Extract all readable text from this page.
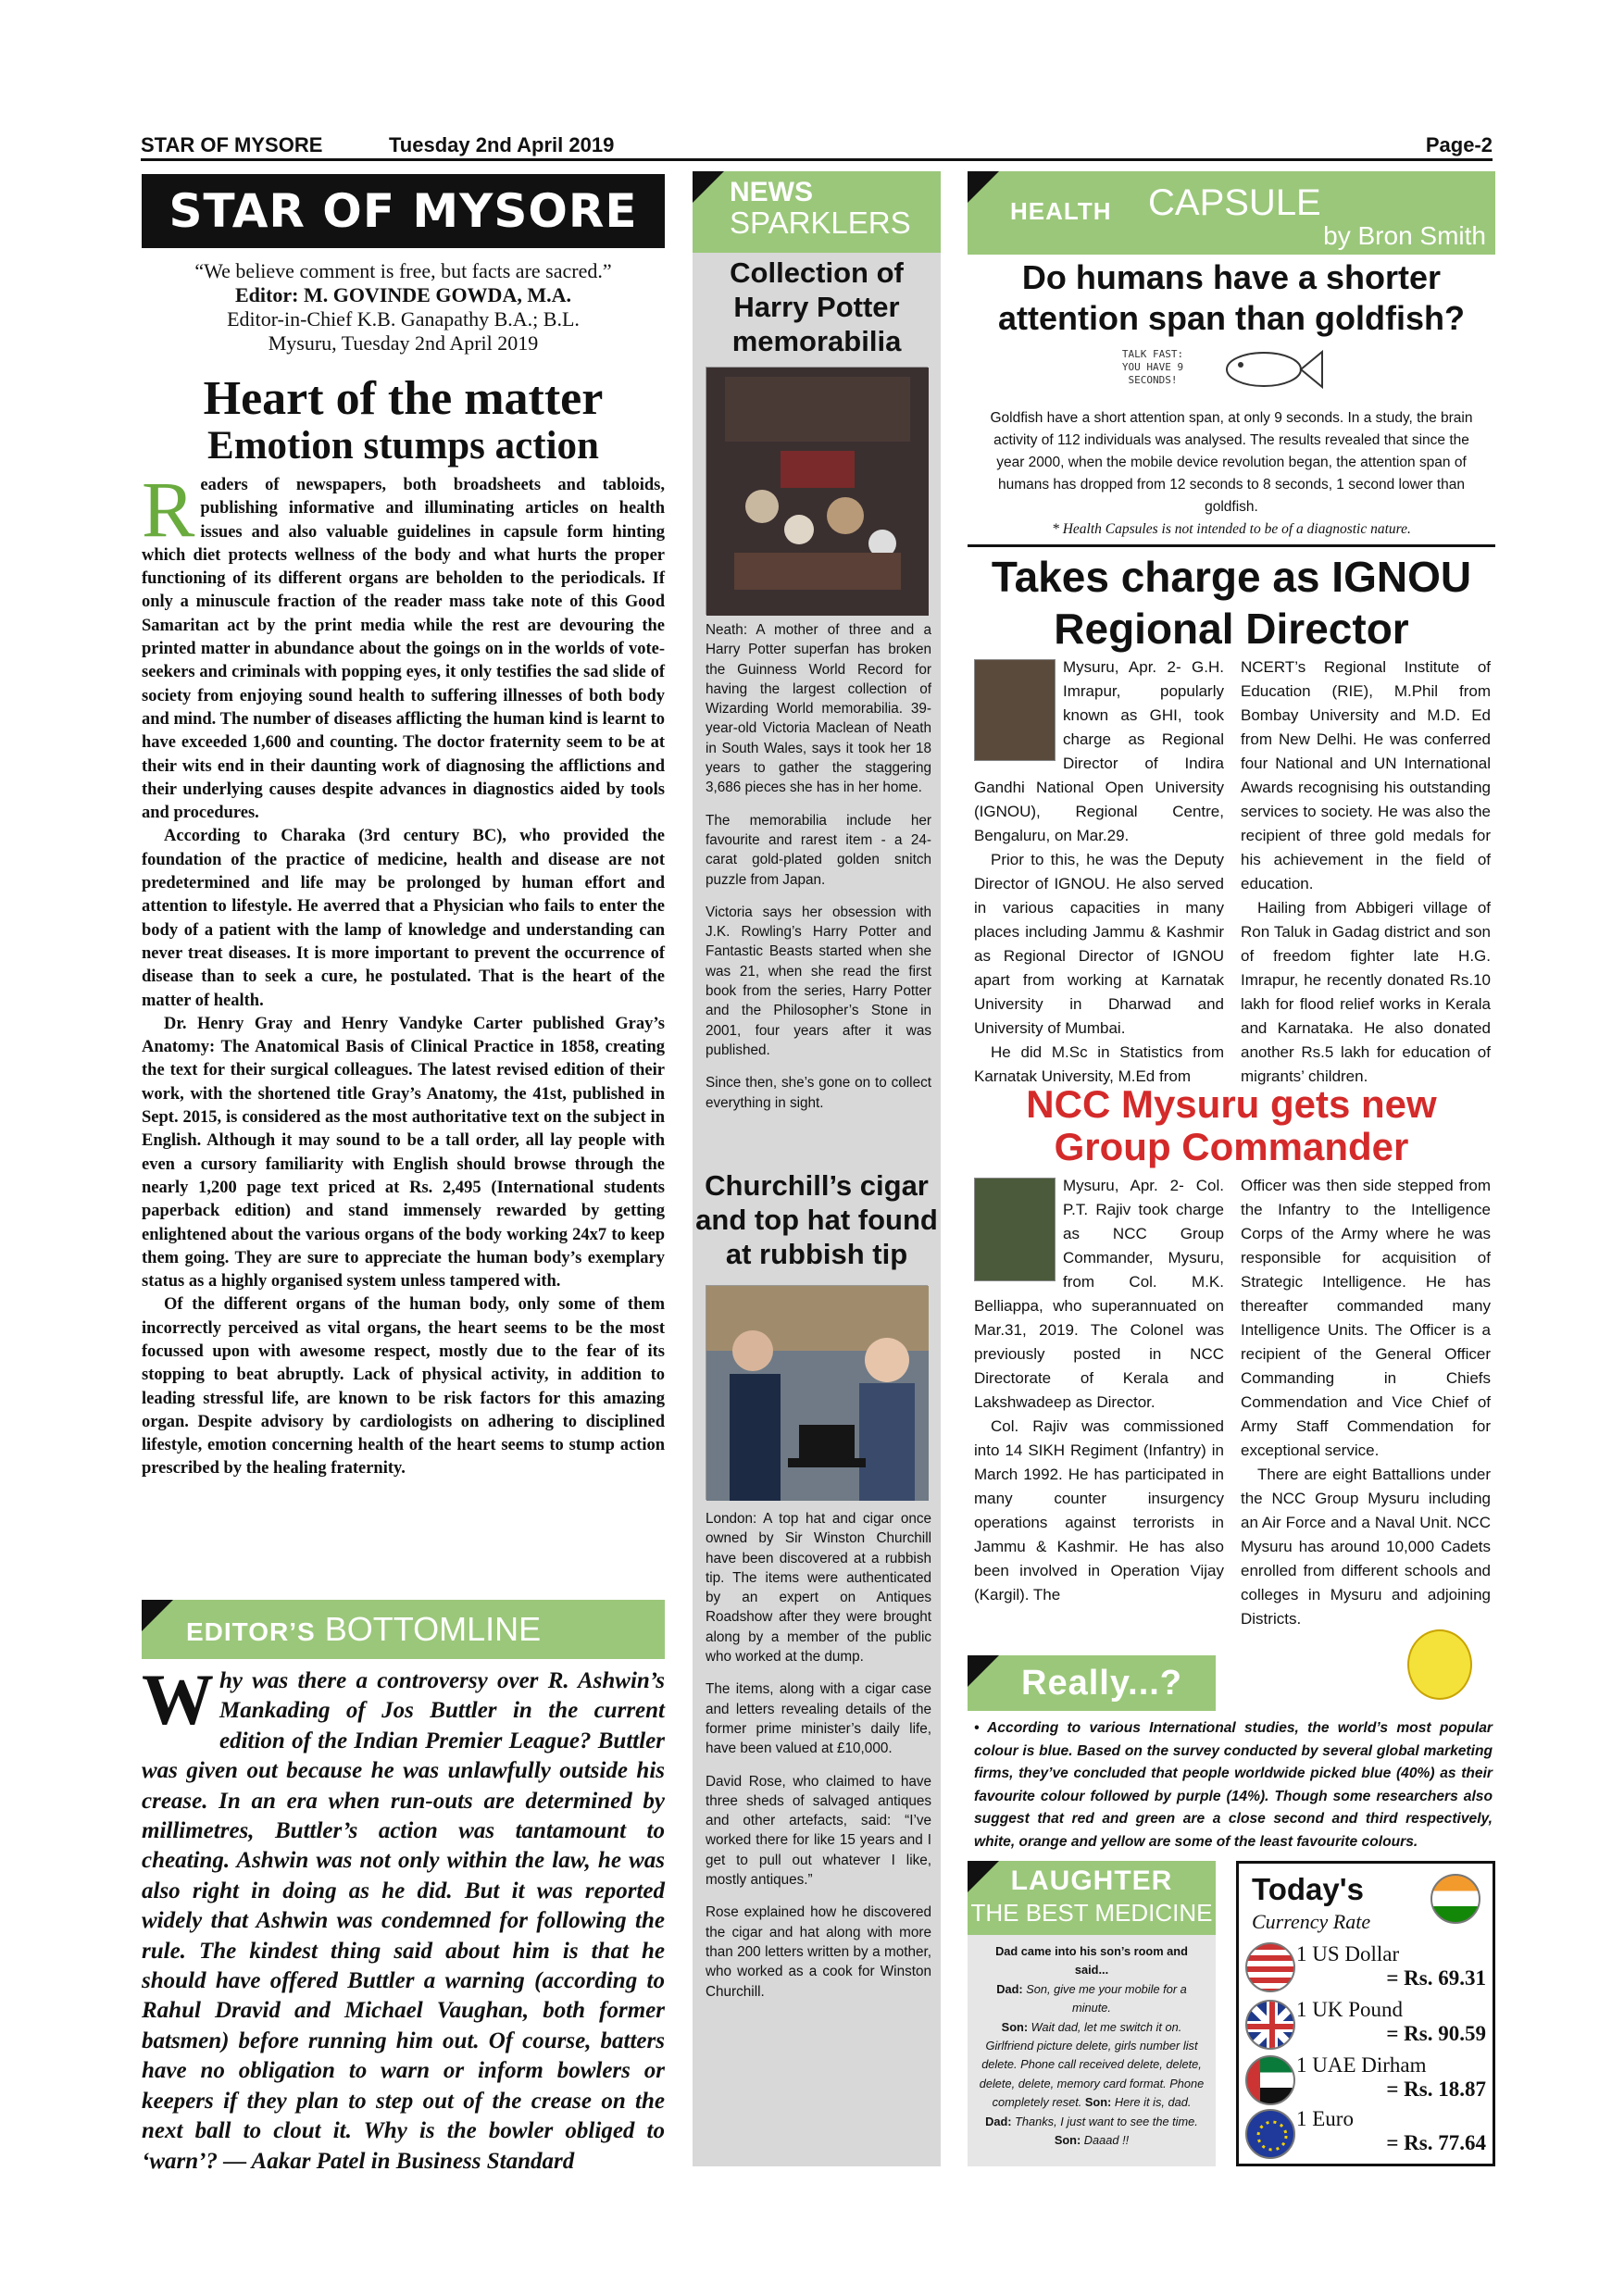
STAR OF MYSORE	Tuesday 2nd April 2019	Page-2
STAR OF MYSORE
“We believe comment is free, but facts are sacred.”
Editor: M. GOVINDE GOWDA, M.A.
Editor-in-Chief K.B. Ganapathy B.A.; B.L.
Mysuru, Tuesday 2nd April 2019
Heart of the matter
Emotion stumps action

Readers of newspapers, both broadsheets and tabloids, publishing informative and illuminating articles on health issues and also valuable guidelines in capsule form hinting which diet protects wellness of the body and what hurts the proper functioning of its different organs are beholden to the periodicals. If only a minuscule fraction of the reader mass take note of this Good Samaritan act by the print media while the rest are devouring the printed matter in abundance about the goings on in the worlds of vote-seekers and criminals with popping eyes, it only testifies the sad slide of society from enjoying sound health to suffering illnesses of both body and mind. The number of diseases afflicting the human kind is learnt to have exceeded 1,600 and counting. The doctor fraternity seem to be at their wits end in their daunting work of diagnosing the afflictions and their underlying causes despite advances in diagnostics aided by tools and procedures.

According to Charaka (3rd century BC), who provided the foundation of the practice of medicine, health and disease are not predetermined and life may be prolonged by human effort and attention to lifestyle. He averred that a Physician who fails to enter the body of a patient with the lamp of knowledge and understanding can never treat diseases. It is more important to prevent the occurrence of disease than to seek a cure, he postulated. That is the heart of the matter of health.

Dr. Henry Gray and Henry Vandyke Carter published Gray’s Anatomy: The Anatomical Basis of Clinical Practice in 1858, creating the text for their surgical colleagues. The latest revised edition of their work, with the shortened title Gray’s Anatomy, the 41st, published in Sept. 2015, is considered as the most authoritative text on the subject in English. Although it may sound to be a tall order, all lay people with even a cursory familiarity with English should browse through the nearly 1,200 page text priced at Rs. 2,495 (International students paperback edition) and stand immensely rewarded by getting enlightened about the various organs of the body working 24x7 to keep them going. They are sure to appreciate the human body’s exemplary status as a highly organised system unless tampered with.

Of the different organs of the human body, only some of them incorrectly perceived as vital organs, the heart seems to be the most focussed upon with awesome respect, mostly due to the fear of its stopping to beat abruptly. Lack of physical activity, in addition to leading stressful life, are known to be risk factors for this amazing organ. Despite advisory by cardiologists on adhering to disciplined lifestyle, emotion concerning health of the heart seems to stump action prescribed by the healing fraternity.

EDITOR’S BOTTOMLINE
Why was there a controversy over R. Ashwin’s Mankading of Jos Buttler in the current edition of the Indian Premier League? Buttler was given out because he was unlawfully outside his crease. In an era when run-outs are determined by millimetres, Buttler’s action was tantamount to cheating. Ashwin was not only within the law, he was also right in doing as he did. But it was reported widely that Ashwin was condemned for following the rule. The kindest thing said about him is that he should have offered Buttler a warning (according to Rahul Dravid and Michael Vaughan, both former batsmen) before running him out. Of course, batters have no obligation to warn or inform bowlers or keepers if they plan to step out of the crease on the next ball to clout it. Why is the bowler obliged to ‘warn’? — Aakar Patel in Business Standard
NEWS
SPARKLERS
Collection of Harry Potter memorabilia

Neath: A mother of three and a Harry Potter superfan has broken the Guinness World Record for having the largest collection of Wizarding World memorabilia. 39-year-old Victoria Maclean of Neath in South Wales, says it took her 18 years to gather the staggering 3,686 pieces she has in her home.

The memorabilia include her favourite and rarest item - a 24-carat gold-plated golden snitch puzzle from Japan.

Victoria says her obsession with J.K. Rowling’s Harry Potter and Fantastic Beasts started when she was 21, when she read the first book from the series, Harry Potter and the Philosopher’s Stone in 2001, four years after it was published.

Since then, she’s gone on to collect everything in sight.

Churchill’s cigar and top hat found at rubbish tip

London: A top hat and cigar once owned by Sir Winston Churchill have been discovered at a rubbish tip. The items were authenticated by an expert on Antiques Roadshow after they were brought along by a member of the public who worked at the dump.

The items, along with a cigar case and letters revealing details of the former prime minister’s daily life, have been valued at £10,000.

David Rose, who claimed to have three sheds of salvaged antiques and other artefacts, said: “I’ve worked there for like 15 years and I get to pull out whatever I like, mostly antiques.”

Rose explained how he discovered the cigar and hat along with more than 200 letters written by a mother, who worked as a cook for Winston Churchill.

HEALTH CAPSULE
by Bron Smith
Do humans have a shorter attention span than goldfish?
TALK FAST: YOU HAVE 9 SECONDS!
Goldfish have a short attention span, at only 9 seconds. In a study, the brain activity of 112 individuals was analysed. The results revealed that since the year 2000, when the mobile device revolution began, the attention span of humans has dropped from 12 seconds to 8 seconds, 1 second lower than goldfish.
* Health Capsules is not intended to be of a diagnostic nature.
Takes charge as IGNOU Regional Director

Mysuru, Apr. 2- G.H. Imrapur, popularly known as GHI, took charge as Regional Director of Indira Gandhi National Open University (IGNOU), Regional Centre, Bengaluru, on Mar.29.

Prior to this, he was the Deputy Director of IGNOU. He also served in various capacities in many places including Jammu & Kashmir as Regional Director of IGNOU apart from working at Karnatak University in Dharwad and University of Mumbai.

He did M.Sc in Statistics from Karnatak University, M.Ed from

NCERT’s Regional Institute of Education (RIE), M.Phil from Bombay University and M.D. Ed from New Delhi. He was conferred four National and UN International Awards recognising his outstanding services to society. He was also the recipient of three gold medals for his achievement in the field of education.

Hailing from Abbigeri village of Ron Taluk in Gadag district and son of freedom fighter late H.G. Imrapur, he recently donated Rs.10 lakh for flood relief works in Kerala and Karnataka. He also donated another Rs.5 lakh for education of migrants’ children.

NCC Mysuru gets new Group Commander

Mysuru, Apr. 2- Col. P.T. Rajiv took charge as NCC Group Commander, Mysuru, from Col. M.K. Belliappa, who superannuated on Mar.31, 2019. The Colonel was previously posted in NCC Directorate of Kerala and Lakshwadeep as Director.

Col. Rajiv was commissioned into 14 SIKH Regiment (Infantry) in March 1992. He has participated in many counter insurgency operations against terrorists in Jammu & Kashmir. He has also been involved in Operation Vijay (Kargil). The

Officer was then side stepped from the Infantry to the Intelligence Corps of the Army where he was responsible for acquisition of Strategic Intelligence. He has thereafter commanded many Intelligence Units. The Officer is a recipient of the General Officer Commanding in Chiefs Commendation and Vice Chief of Army Staff Commendation for exceptional service.

There are eight Battallions under the NCC Group Mysuru including an Air Force and a Naval Unit. NCC Mysuru has around 10,000 Cadets enrolled from different schools and colleges in Mysuru and adjoining Districts.

Really...?
• According to various International studies, the world’s most popular colour is blue. Based on the survey conducted by several global marketing firms, they’ve concluded that people worldwide picked blue (40%) as their favourite colour followed by purple (14%). Though some researchers also suggest that red and green are a close second and third respectively, white, orange and yellow are some of the least favourite colours.
LAUGHTER
THE BEST MEDICINE
Dad came into his son’s room and said...
Dad: Son, give me your mobile for a minute.
Son: Wait dad, let me switch it on. Girlfriend picture delete, girls number list delete. Phone call received delete, delete, delete, delete, memory card format. Phone completely reset. Son: Here it is, dad.
Dad: Thanks, I just want to see the time. Son: Daaad !!
Today's
Currency Rate
1 US Dollar
= Rs. 69.31
1 UK Pound
= Rs. 90.59
1 UAE Dirham
= Rs. 18.87
1 Euro
= Rs. 77.64
